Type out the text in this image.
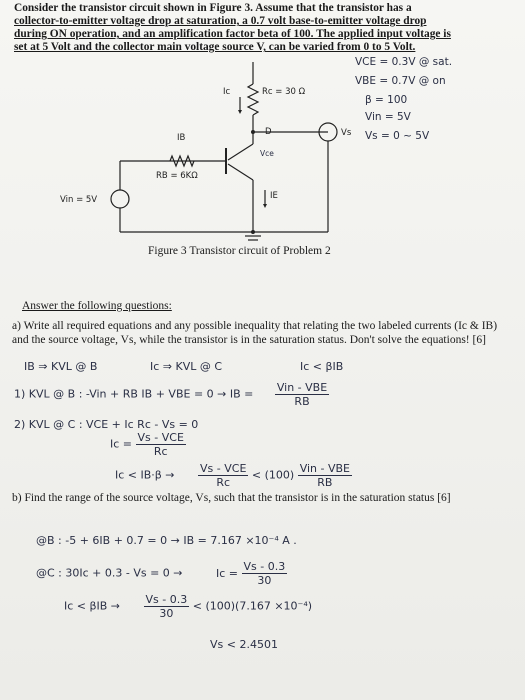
Consider the transistor circuit shown in Figure 3. Assume that the transistor has a
collector-to-emitter voltage drop at saturation, a 0.7 volt base-to-emitter voltage drop
during ON operation, and an amplification factor beta of 100. The applied input voltage is
set at 5 Volt and the collector main voltage source V, can be varied from 0 to 5 Volt.
Ic	Rc = 30 Ω
D	Vs
IB
RB = 6KΩ
Vin = 5V	IE
Vce
VCE = 0.3V @ sat.
VBE = 0.7V @ on
β = 100
Vin = 5V
Vs = 0 ~ 5V
Figure 3 Transistor circuit of Problem 2
Answer the following questions:
a) Write all required equations and any possible inequality that relating the two labeled currents (Ic & IB) and the source voltage, Vs, while the transistor is in the saturation status. Don't solve the equations! [6]
IB ⇒ KVL @ B	Ic ⇒ KVL @ C	Ic < βIB
1) KVL @ B : -Vin + RB IB + VBE = 0 → IB = $\frac{\text{Vin - VBE}}{RB}$
2) KVL @ C : VCE + Ic Rc - Vs = 0
$Ic = \frac{\text{Vs - VCE}}{Rc}$
$Ic < IB\cdot\beta \to \frac{\text{Vs - VCE}}{Rc} < (100) \frac{\text{Vin - VBE}}{RB}$
b) Find the range of the source voltage, Vs, such that the transistor is in the saturation status [6]
@B : -5 + 6IB + 0.7 = 0 → IB = 7.167 ×10⁻⁴ A .
@C : 30Ic + 0.3 - Vs = 0 →	$Ic = \frac{Vs - 0.3}{30}$
$Ic < \beta IB \to \frac{Vs - 0.3}{30} < (100)(7.167 \times 10^{-4})$
Vs < 2.4501
